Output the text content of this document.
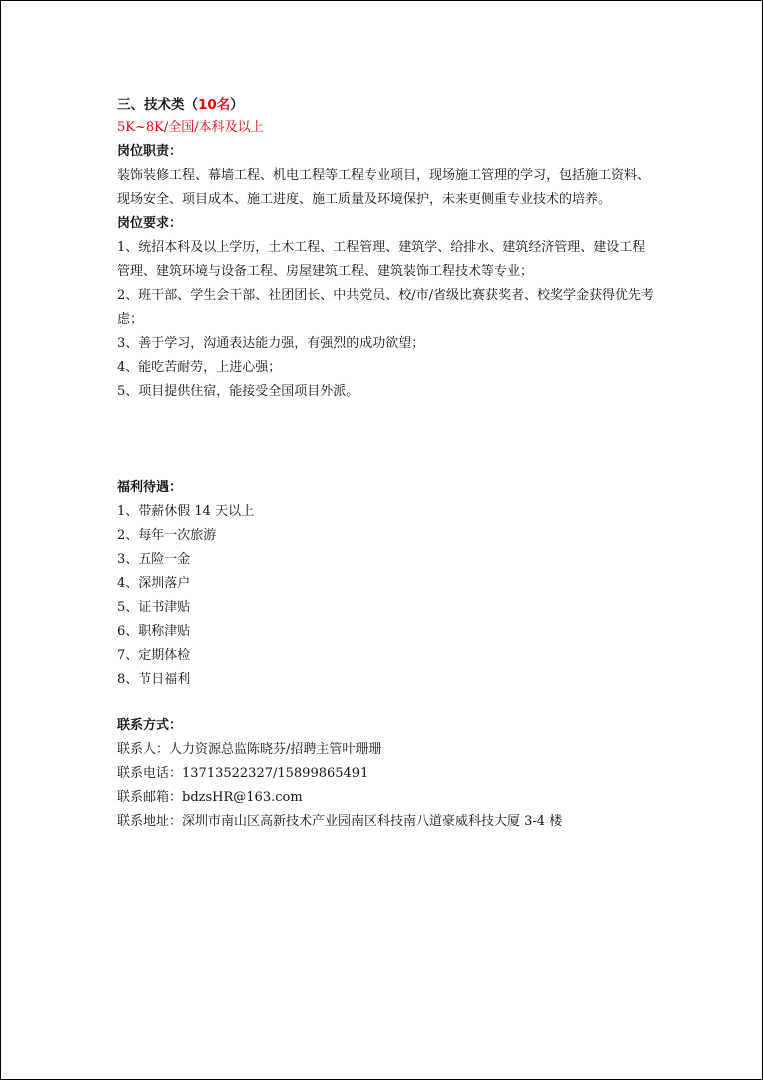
三、技术类（10名）

5K~8K/全国/本科及以上

岗位职责：

装饰装修工程、幕墙工程、机电工程等工程专业项目，现场施工管理的学习，包括施工资料、现场安全、项目成本、施工进度、施工质量及环境保护，未来更侧重专业技术的培养。

岗位要求：

1、统招本科及以上学历，土木工程、工程管理、建筑学、给排水、建筑经济管理、建设工程管理、建筑环境与设备工程、房屋建筑工程、建筑装饰工程技术等专业；
2、班干部、学生会干部、社团团长、中共党员、校/市/省级比赛获奖者、校奖学金获得优先考虑；
3、善于学习，沟通表达能力强，有强烈的成功欲望；
4、能吃苦耐劳，上进心强；
5、项目提供住宿，能接受全国项目外派。

福利待遇：

1、带薪休假 14 天以上
2、每年一次旅游
3、五险一金
4、深圳落户
5、证书津贴
6、职称津贴
7、定期体检
8、节日福利

联系方式：

联系人：人力资源总监陈晓芬/招聘主管叶珊珊

联系电话：13713522327/15899865491

联系邮箱：bdzsHR@163.com

联系地址：深圳市南山区高新技术产业园南区科技南八道豪威科技大厦 3-4 楼
